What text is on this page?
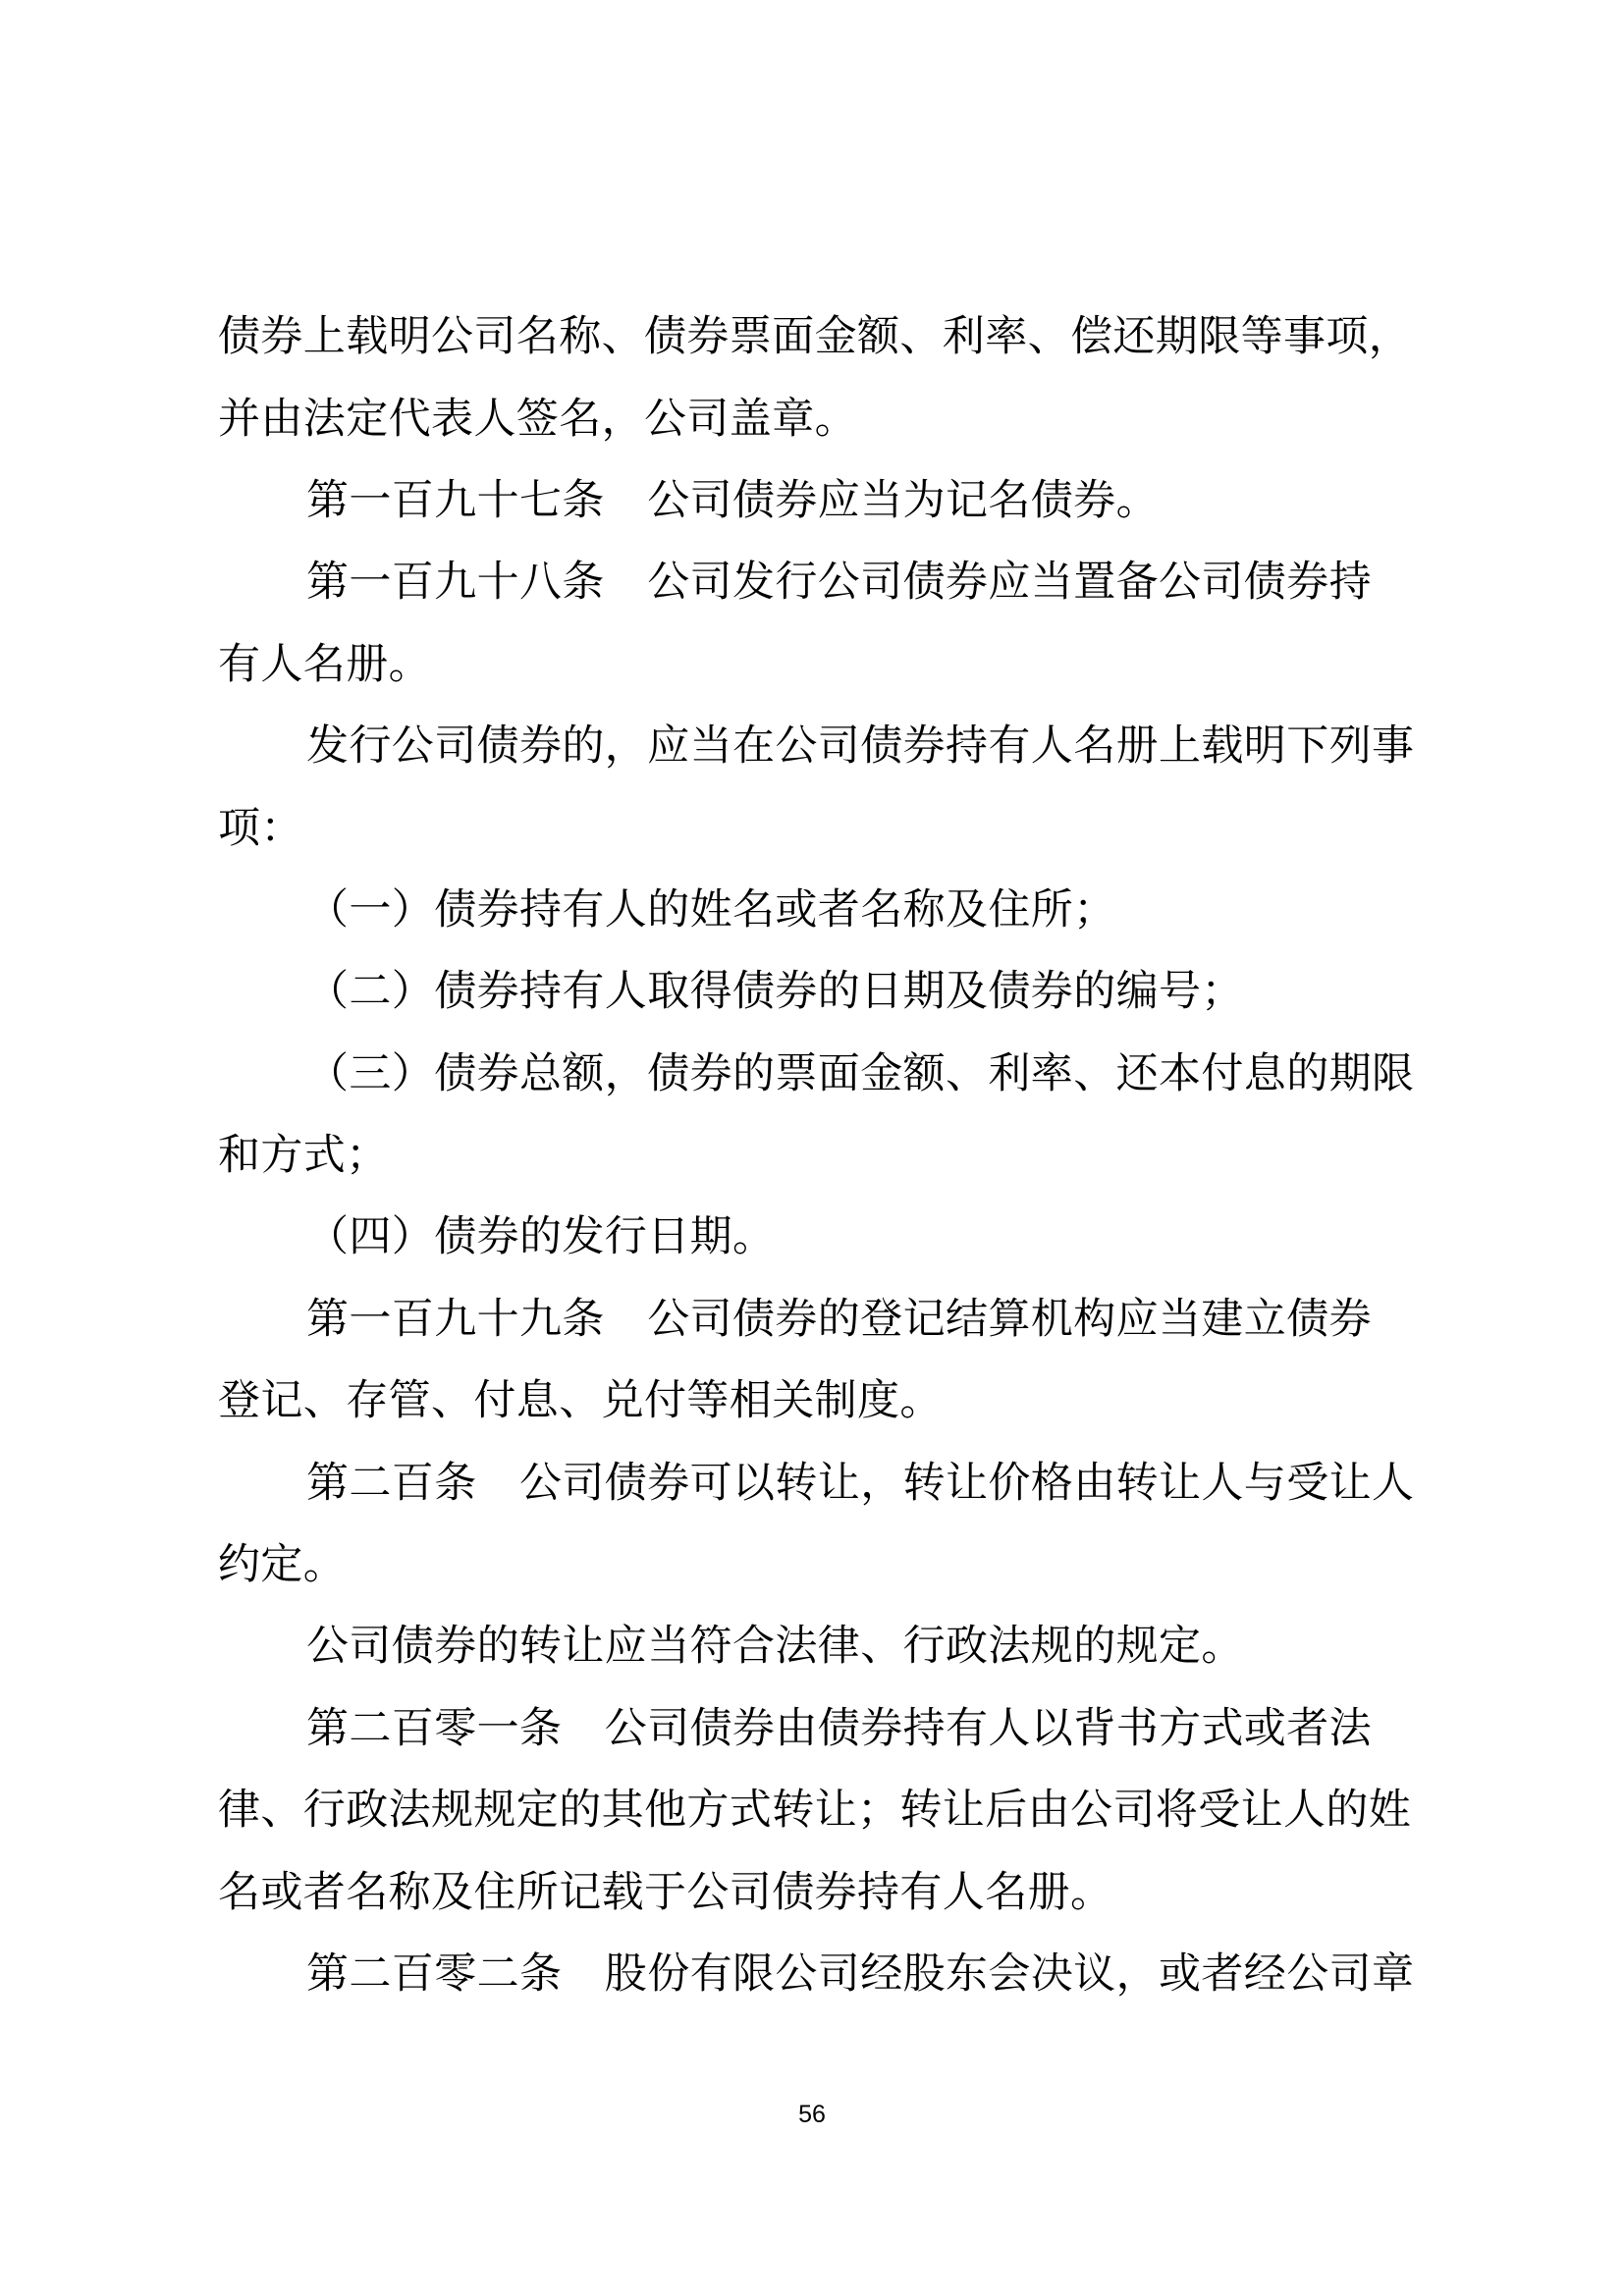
债券上载明公司名称、债券票面金额、利率、偿还期限等事项，
并由法定代表人签名，公司盖章。
第一百九十七条　公司债券应当为记名债券。
第一百九十八条　公司发行公司债券应当置备公司债券持
有人名册。
发行公司债券的，应当在公司债券持有人名册上载明下列事
项：
（一）债券持有人的姓名或者名称及住所；
（二）债券持有人取得债券的日期及债券的编号；
（三）债券总额，债券的票面金额、利率、还本付息的期限
和方式；
（四）债券的发行日期。
第一百九十九条　公司债券的登记结算机构应当建立债券
登记、存管、付息、兑付等相关制度。
第二百条　公司债券可以转让，转让价格由转让人与受让人
约定。
公司债券的转让应当符合法律、行政法规的规定。
第二百零一条　公司债券由债券持有人以背书方式或者法
律、行政法规规定的其他方式转让；转让后由公司将受让人的姓
名或者名称及住所记载于公司债券持有人名册。
第二百零二条　股份有限公司经股东会决议，或者经公司章
56
